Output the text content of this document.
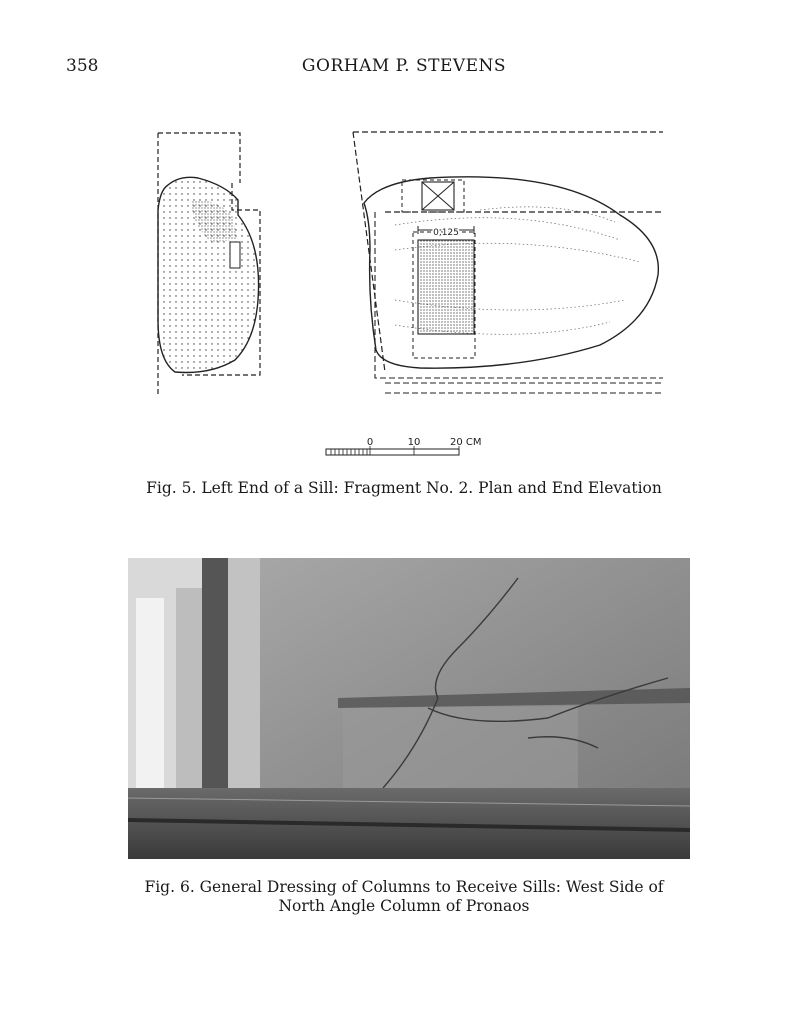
358	GORHAM P. STEVENS
0,125
0	10	20 CM
Fig. 5. Left End of a Sill: Fragment No. 2. Plan and End Elevation
Fig. 6. General Dressing of Columns to Receive Sills: West Side of
North Angle Column of Pronaos
